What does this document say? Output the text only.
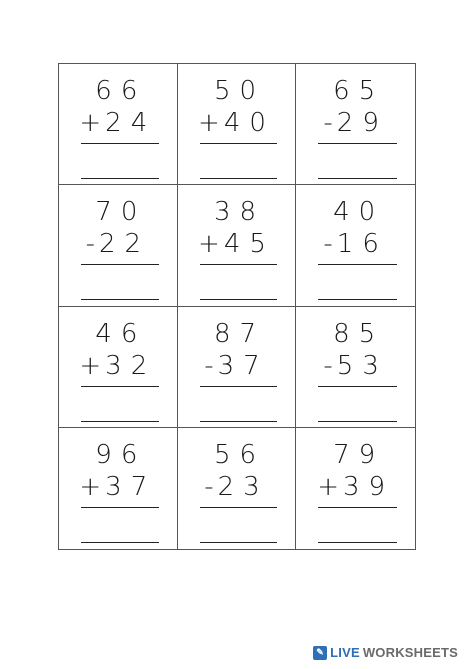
66
+ 24
50
+ 40
65
- 29
70
- 22
38
+ 45
40
- 16
46
+ 32
87
- 37
85
- 53
96
+ 37
56
- 23
79
+ 39
✎ LIVE WORKSHEETS
